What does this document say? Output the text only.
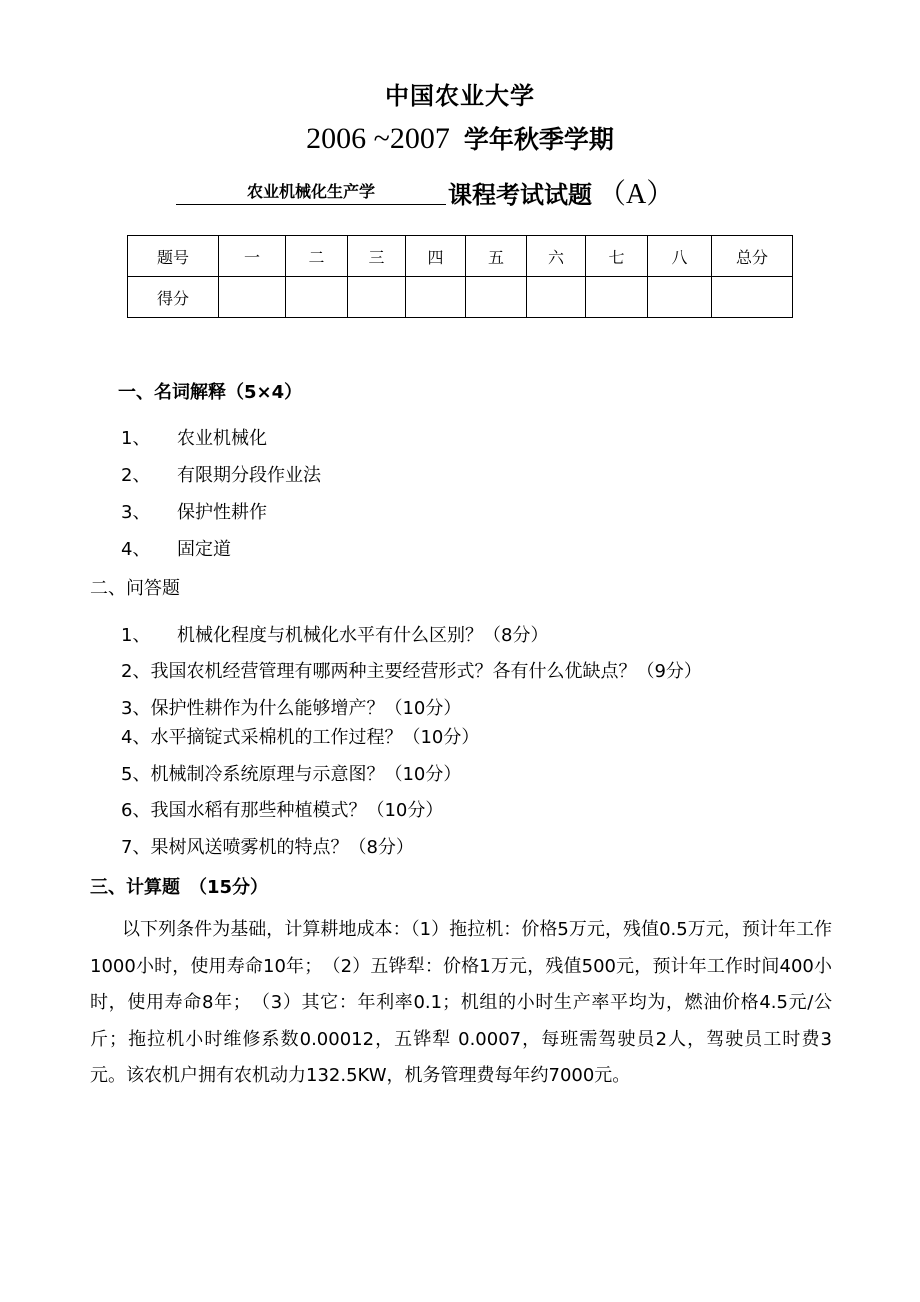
中国农业大学
2006 ~2007 学年秋季学期
农业机械化生产学	课程考试试题 （A）
题号	一	二	三	四	五	六	七	八	总分
得分									
一、名词解释（5×4）
1、 农业机械化
2、 有限期分段作业法
3、 保护性耕作
4、 固定道
二、问答题
1、 机械化程度与机械化水平有什么区别？（8分）
2、我国农机经营管理有哪两种主要经营形式？各有什么优缺点？（9分）
3、保护性耕作为什么能够增产？（10分）
4、水平摘锭式采棉机的工作过程？（10分）
5、机械制冷系统原理与示意图？（10分）
6、我国水稻有那些种植模式？（10分）
7、果树风送喷雾机的特点？（8分）
三、计算题　（15分）

以下列条件为基础，计算耕地成本：（1）拖拉机：价格5万元，残值0.5万元，预计年工作1000小时，使用寿命10年；　（2）五铧犁：价格1万元，残值500元，预计年工作时间400小时，使用寿命8年；　（3）其它：年利率0.1；机组的小时生产率平均为，燃油价格4.5元/公斤；拖拉机小时维修系数0.00012，五铧犁 0.0007，每班需驾驶员2人，驾驶员工时费3元。该农机户拥有农机动力132.5KW，机务管理费每年约7000元。
